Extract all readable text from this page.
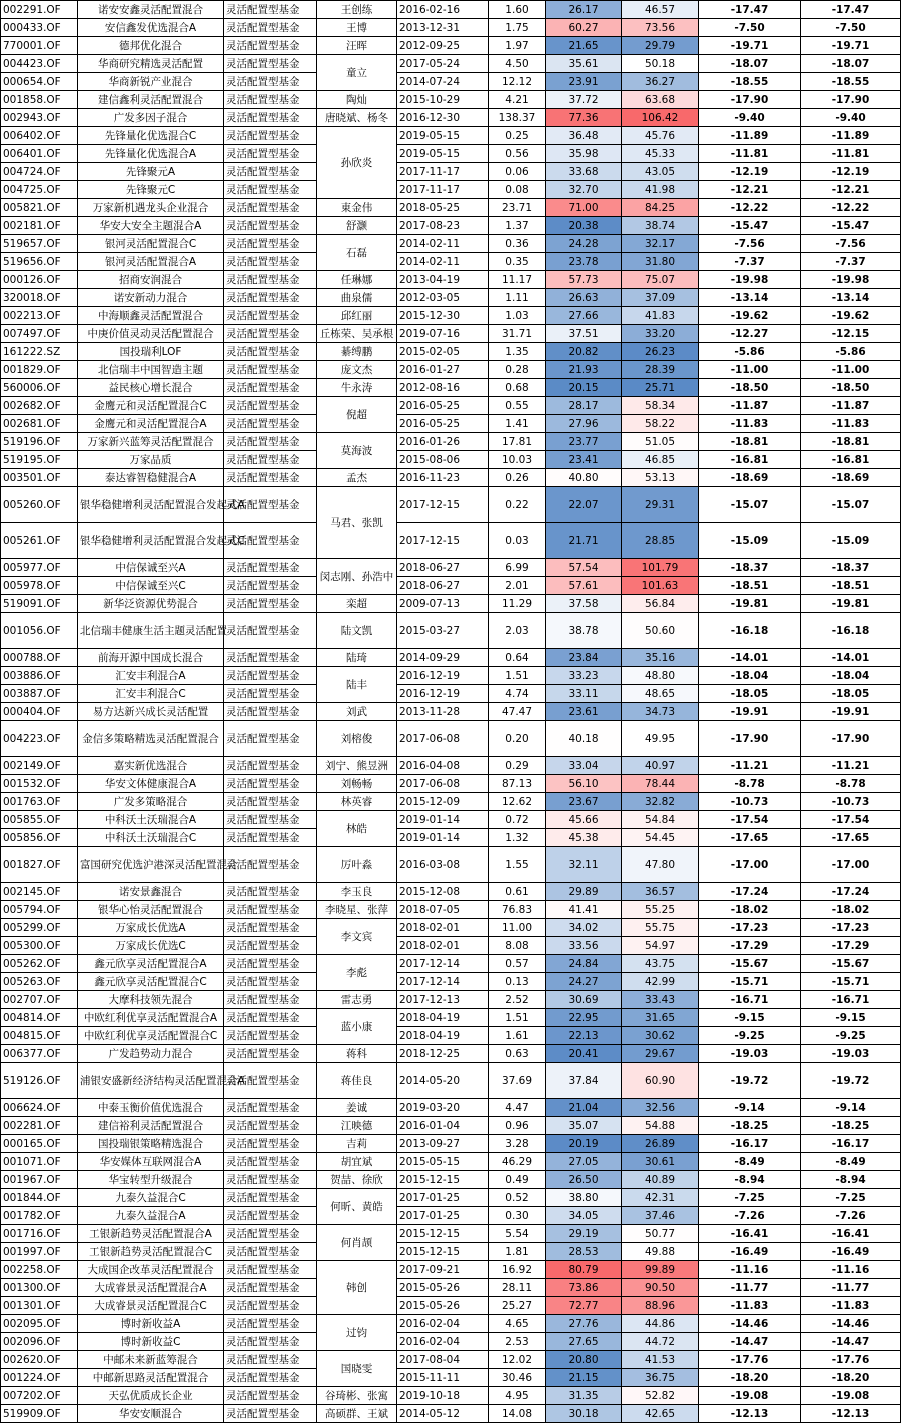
002291.OF	诺安安鑫灵活配置混合	灵活配置型基金	王创练	2016-02-16	1.60	26.17	46.57	-17.47	-17.47
000433.OF	安信鑫发优选混合A	灵活配置型基金	王博	2013-12-31	1.75	60.27	73.56	-7.50	-7.50
770001.OF	德邦优化混合	灵活配置型基金	汪晖	2012-09-25	1.97	21.65	29.79	-19.71	-19.71
004423.OF	华商研究精选灵活配置	灵活配置型基金	童立	2017-05-24	4.50	35.61	50.18	-18.07	-18.07
000654.OF	华商新锐产业混合	灵活配置型基金		2014-07-24	12.12	23.91	36.27	-18.55	-18.55
001858.OF	建信鑫利灵活配置混合	灵活配置型基金	陶灿	2015-10-29	4.21	37.72	63.68	-17.90	-17.90
002943.OF	广发多因子混合	灵活配置型基金	唐晓斌、杨冬	2016-12-30	138.37	77.36	106.42	-9.40	-9.40
006402.OF	先锋量化优选混合C	灵活配置型基金	孙欣炎	2019-05-15	0.25	36.48	45.76	-11.89	-11.89
006401.OF	先锋量化优选混合A	灵活配置型基金		2019-05-15	0.56	35.98	45.33	-11.81	-11.81
004724.OF	先锋聚元A	灵活配置型基金		2017-11-17	0.06	33.68	43.05	-12.19	-12.19
004725.OF	先锋聚元C	灵活配置型基金		2017-11-17	0.08	32.70	41.98	-12.21	-12.21
005821.OF	万家新机遇龙头企业混合	灵活配置型基金	東金伟	2018-05-25	23.71	71.00	84.25	-12.22	-12.22
002181.OF	华安大安全主题混合A	灵活配置型基金	舒灏	2017-08-23	1.37	20.38	38.74	-15.47	-15.47
519657.OF	银河灵活配置混合C	灵活配置型基金	石磊	2014-02-11	0.36	24.28	32.17	-7.56	-7.56
519656.OF	银河灵活配置混合A	灵活配置型基金		2014-02-11	0.35	23.78	31.80	-7.37	-7.37
000126.OF	招商安润混合	灵活配置型基金	任琳娜	2013-04-19	11.17	57.73	75.07	-19.98	-19.98
320018.OF	诺安新动力混合	灵活配置型基金	曲泉儒	2012-03-05	1.11	26.63	37.09	-13.14	-13.14
002213.OF	中海顺鑫灵活配置混合	灵活配置型基金	邱红丽	2015-12-30	1.03	27.66	41.83	-19.62	-19.62
007497.OF	中庚价值灵动灵活配置混合	灵活配置型基金	丘栋荣、吴承根	2019-07-16	31.71	37.51	33.20	-12.27	-12.15
161222.SZ	国投瑞利LOF	灵活配置型基金	綦缚鹏	2015-02-05	1.35	20.82	26.23	-5.86	-5.86
001829.OF	北信瑞丰中国智造主题	灵活配置型基金	庞文杰	2016-01-27	0.28	21.93	28.39	-11.00	-11.00
560006.OF	益民核心增长混合	灵活配置型基金	牛永涛	2012-08-16	0.68	20.15	25.71	-18.50	-18.50
002682.OF	金鹰元和灵活配置混合C	灵活配置型基金	倪超	2016-05-25	0.55	28.17	58.34	-11.87	-11.87
002681.OF	金鹰元和灵活配置混合A	灵活配置型基金		2016-05-25	1.41	27.96	58.22	-11.83	-11.83
519196.OF	万家新兴蓝筹灵活配置混合	灵活配置型基金	莫海波	2016-01-26	17.81	23.77	51.05	-18.81	-18.81
519195.OF	万家品质	灵活配置型基金		2015-08-06	10.03	23.41	46.85	-16.81	-16.81
003501.OF	泰达睿智稳健混合A	灵活配置型基金	孟杰	2016-11-23	0.26	40.80	53.13	-18.69	-18.69
005260.OF	银华稳健增利灵活配置混合发起式A	灵活配置型基金	马君、张凯	2017-12-15	0.22	22.07	29.31	-15.07	-15.07
005261.OF	银华稳健增利灵活配置混合发起式C	灵活配置型基金		2017-12-15	0.03	21.71	28.85	-15.09	-15.09
005977.OF	中信保诚至兴A	灵活配置型基金	闵志刚、孙浩中	2018-06-27	6.99	57.54	101.79	-18.37	-18.37
005978.OF	中信保诚至兴C	灵活配置型基金		2018-06-27	2.01	57.61	101.63	-18.51	-18.51
519091.OF	新华泛资源优势混合	灵活配置型基金	栾超	2009-07-13	11.29	37.58	56.84	-19.81	-19.81
001056.OF	北信瑞丰健康生活主题灵活配置	灵活配置型基金	陆文凯	2015-03-27	2.03	38.78	50.60	-16.18	-16.18
000788.OF	前海开源中国成长混合	灵活配置型基金	陆琦	2014-09-29	0.64	23.84	35.16	-14.01	-14.01
003886.OF	汇安丰利混合A	灵活配置型基金	陆丰	2016-12-19	1.51	33.23	48.80	-18.04	-18.04
003887.OF	汇安丰利混合C	灵活配置型基金		2016-12-19	4.74	33.11	48.65	-18.05	-18.05
000404.OF	易方达新兴成长灵活配置	灵活配置型基金	刘武	2013-11-28	47.47	23.61	34.73	-19.91	-19.91
004223.OF	金信多策略精选灵活配置混合	灵活配置型基金	刘榕俊	2017-06-08	0.20	40.18	49.95	-17.90	-17.90
002149.OF	嘉实新优选混合	灵活配置型基金	刘宁、熊昱洲	2016-04-08	0.29	33.04	40.97	-11.21	-11.21
001532.OF	华安文体健康混合A	灵活配置型基金	刘畅畅	2017-06-08	87.13	56.10	78.44	-8.78	-8.78
001763.OF	广发多策略混合	灵活配置型基金	林英睿	2015-12-09	12.62	23.67	32.82	-10.73	-10.73
005855.OF	中科沃土沃瑞混合A	灵活配置型基金	林皓	2019-01-14	0.72	45.66	54.84	-17.54	-17.54
005856.OF	中科沃土沃瑞混合C	灵活配置型基金		2019-01-14	1.32	45.38	54.45	-17.65	-17.65
001827.OF	富国研究优选沪港深灵活配置混合	灵活配置型基金	厉叶淼	2016-03-08	1.55	32.11	47.80	-17.00	-17.00
002145.OF	诺安景鑫混合	灵活配置型基金	李玉良	2015-12-08	0.61	29.89	36.57	-17.24	-17.24
005794.OF	银华心怡灵活配置混合	灵活配置型基金	李晓星、张萍	2018-07-05	76.83	41.41	55.25	-18.02	-18.02
005299.OF	万家成长优选A	灵活配置型基金	李文宾	2018-02-01	11.00	34.02	55.75	-17.23	-17.23
005300.OF	万家成长优选C	灵活配置型基金		2018-02-01	8.08	33.56	54.97	-17.29	-17.29
005262.OF	鑫元欣享灵活配置混合A	灵活配置型基金	李彪	2017-12-14	0.57	24.84	43.75	-15.67	-15.67
005263.OF	鑫元欣享灵活配置混合C	灵活配置型基金		2017-12-14	0.13	24.27	42.99	-15.71	-15.71
002707.OF	大摩科技领先混合	灵活配置型基金	雷志勇	2017-12-13	2.52	30.69	33.43	-16.71	-16.71
004814.OF	中欧红利优享灵活配置混合A	灵活配置型基金	蓝小康	2018-04-19	1.51	22.95	31.65	-9.15	-9.15
004815.OF	中欧红利优享灵活配置混合C	灵活配置型基金		2018-04-19	1.61	22.13	30.62	-9.25	-9.25
006377.OF	广发趋势动力混合	灵活配置型基金	蒋科	2018-12-25	0.63	20.41	29.67	-19.03	-19.03
519126.OF	浦银安盛新经济结构灵活配置混合A	灵活配置型基金	蒋佳良	2014-05-20	37.69	37.84	60.90	-19.72	-19.72
006624.OF	中泰玉衡价值优选混合	灵活配置型基金	姜诚	2019-03-20	4.47	21.04	32.56	-9.14	-9.14
002281.OF	建信裕利灵活配置混合	灵活配置型基金	江映德	2016-01-04	0.96	35.07	54.88	-18.25	-18.25
000165.OF	国投瑞银策略精选混合	灵活配置型基金	吉莉	2013-09-27	3.28	20.19	26.89	-16.17	-16.17
001071.OF	华安媒体互联网混合A	灵活配置型基金	胡宜斌	2015-05-15	46.29	27.05	30.61	-8.49	-8.49
001967.OF	华宝转型升级混合	灵活配置型基金	贺喆、徐欣	2015-12-15	0.49	26.50	40.89	-8.94	-8.94
001844.OF	九泰久益混合C	灵活配置型基金	何昕、黄皓	2017-01-25	0.52	38.80	42.31	-7.25	-7.25
001782.OF	九泰久益混合A	灵活配置型基金		2017-01-25	0.30	34.05	37.46	-7.26	-7.26
001716.OF	工银新趋势灵活配置混合A	灵活配置型基金	何肖颉	2015-12-15	5.54	29.19	50.77	-16.41	-16.41
001997.OF	工银新趋势灵活配置混合C	灵活配置型基金		2015-12-15	1.81	28.53	49.88	-16.49	-16.49
002258.OF	大成国企改革灵活配置混合	灵活配置型基金	韩创	2017-09-21	16.92	80.79	99.89	-11.16	-11.16
001300.OF	大成睿景灵活配置混合A	灵活配置型基金		2015-05-26	28.11	73.86	90.50	-11.77	-11.77
001301.OF	大成睿景灵活配置混合C	灵活配置型基金		2015-05-26	25.27	72.77	88.96	-11.83	-11.83
002095.OF	博时新收益A	灵活配置型基金	过钧	2016-02-04	4.65	27.76	44.86	-14.46	-14.46
002096.OF	博时新收益C	灵活配置型基金		2016-02-04	2.53	27.65	44.72	-14.47	-14.47
002620.OF	中邮未来新蓝筹混合	灵活配置型基金	国晓雯	2017-08-04	12.02	20.80	41.53	-17.76	-17.76
001224.OF	中邮新思路灵活配置混合	灵活配置型基金		2015-11-11	30.46	21.15	36.75	-18.20	-18.20
007202.OF	天弘优质成长企业	灵活配置型基金	谷琦彬、张寓	2019-10-18	4.95	31.35	52.82	-19.08	-19.08
519909.OF	华安安顺混合	灵活配置型基金	高硕群、王斌	2014-05-12	14.08	30.18	42.65	-12.13	-12.13
